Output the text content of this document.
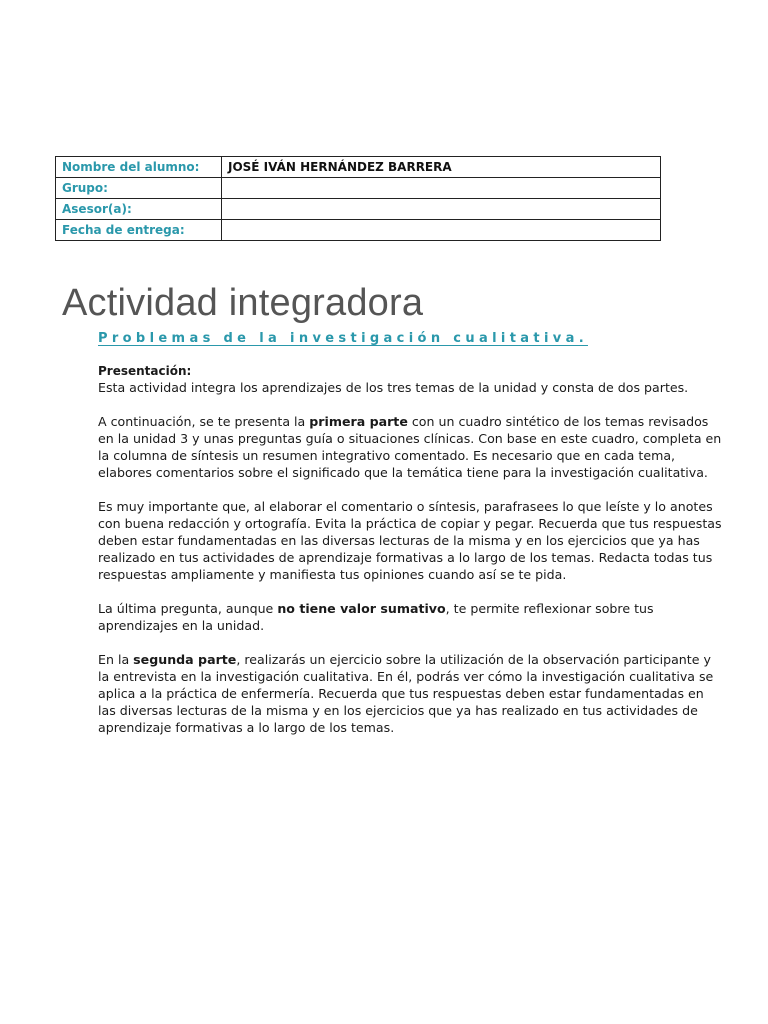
Nombre del alumno:	JOSÉ IVÁN HERNÁNDEZ BARRERA
Grupo:	
Asesor(a):	
Fecha de entrega:	
Actividad integradora
Problemas de la investigación cualitativa.

Presentación:

Esta actividad integra los aprendizajes de los tres temas de la unidad y consta de dos partes.

A continuación, se te presenta la primera parte con un cuadro sintético de los temas revisados en la unidad 3 y unas preguntas guía o situaciones clínicas. Con base en este cuadro, completa en la columna de síntesis un resumen integrativo comentado. Es necesario que en cada tema, elabores comentarios sobre el significado que la temática tiene para la investigación cualitativa.

Es muy importante que, al elaborar el comentario o síntesis, parafrasees lo que leíste y lo anotes con buena redacción y ortografía. Evita la práctica de copiar y pegar. Recuerda que tus respuestas deben estar fundamentadas en las diversas lecturas de la misma y en los ejercicios que ya has realizado en tus actividades de aprendizaje formativas a lo largo de los temas. Redacta todas tus respuestas ampliamente y manifiesta tus opiniones cuando así se te pida.

La última pregunta, aunque no tiene valor sumativo, te permite reflexionar sobre tus aprendizajes en la unidad.

En la segunda parte, realizarás un ejercicio sobre la utilización de la observación participante y la entrevista en la investigación cualitativa. En él, podrás ver cómo la investigación cualitativa se aplica a la práctica de enfermería. Recuerda que tus respuestas deben estar fundamentadas en las diversas lecturas de la misma y en los ejercicios que ya has realizado en tus actividades de aprendizaje formativas a lo largo de los temas.
